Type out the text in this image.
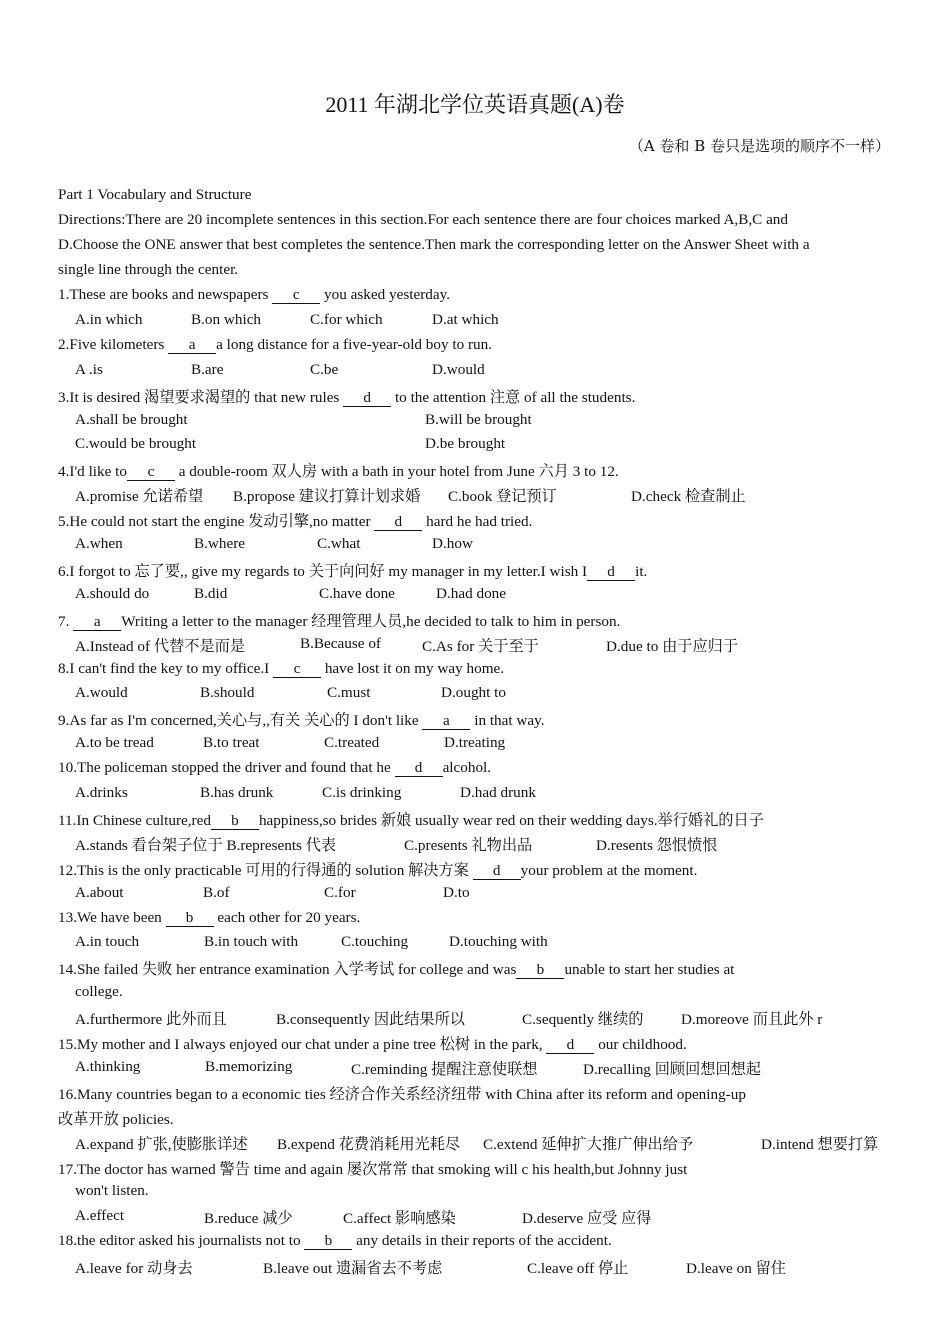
2011 年湖北学位英语真题(A)卷
（A 卷和 B 卷只是选项的顺序不一样）
Part 1 Vocabulary and Structure
Directions:There are 20 incomplete sentences in this section.For each sentence there are four choices marked A,B,C and
D.Choose the ONE answer that best completes the sentence.Then mark the corresponding letter on the Answer Sheet with a
single line through the center.
1.These are books and newspapers c you asked yesterday.
A.in which	B.on which	C.for which	D.at which
2.Five kilometers a a long distance for a five-year-old boy to run.
A .is	B.are	C.be	D.would
3.It is desired 渴望要求渴望的 that new rules d to the attention 注意 of all the students.
A.shall be brought	B.will be brought
C.would be brought	D.be brought
4.I'd like to c a double-room 双人房 with a bath in your hotel from June 六月 3 to 12.
A.promise 允诺希望 B.propose 建议打算计划求婚 C.book 登记预订	D.check 检查制止
5.He could not start the engine 发动引擎,no matter d hard he had tried.
A.when	B.where	C.what	D.how
6.I forgot to 忘了要,, give my regards to 关于向问好 my manager in my letter.I wish I d it.
A.should do	B.did	C.have done	D.had done
7. a Writing a letter to the manager 经理管理人员,he decided to talk to him in person.
A.Instead of 代替不是而是	B.Because of	C.As for 关于至于	D.due to 由于应归于
8.I can't find the key to my office.I c have lost it on my way home.
A.would	B.should	C.must	D.ought to
9.As far as I'm concerned,关心与,,有关 关心的 I don't like a in that way.
A.to be tread	B.to treat	C.treated	D.treating
10.The policeman stopped the driver and found that he d alcohol.
A.drinks	B.has drunk	C.is drinking	D.had drunk
11.In Chinese culture,red b happiness,so brides 新娘 usually wear red on their wedding days.举行婚礼的日子
A.stands 看台架子位于 B.represents 代表	C.presents 礼物出品	D.resents 怨恨愤恨
12.This is the only practicable 可用的行得通的 solution 解决方案 d your problem at the moment.
A.about	B.of	C.for	D.to
13.We have been b each other for 20 years.
A.in touch	B.in touch with	C.touching	D.touching with
14.She failed 失败 her entrance examination 入学考试 for college and was b unable to start her studies at
college.
A.furthermore 此外而且	B.consequently 因此结果所以	C.sequently 继续的 D.moreove 而且此外 r
15.My mother and I always enjoyed our chat under a pine tree 松树 in the park, d our childhood.
A.thinking	B.memorizing	C.reminding 提醒注意使联想	D.recalling 回顾回想回想起
16.Many countries began to a economic ties 经济合作关系经济纽带 with China after its reform and opening-up
改革开放 policies.
A.expand 扩张,使膨胀详述 B.expend 花费消耗用光耗尽 C.extend 延伸扩大推广伸出给予	D.intend 想要打算
17.The doctor has warned 警告 time and again 屡次常常 that smoking will c his health,but Johnny just
won't listen.
A.effect	B.reduce 减少	C.affect 影响感染	D.deserve 应受 应得
18.the editor asked his journalists not to b any details in their reports of the accident.
A.leave for 动身去	B.leave out 遗漏省去不考虑	C.leave off 停止	D.leave on 留住
